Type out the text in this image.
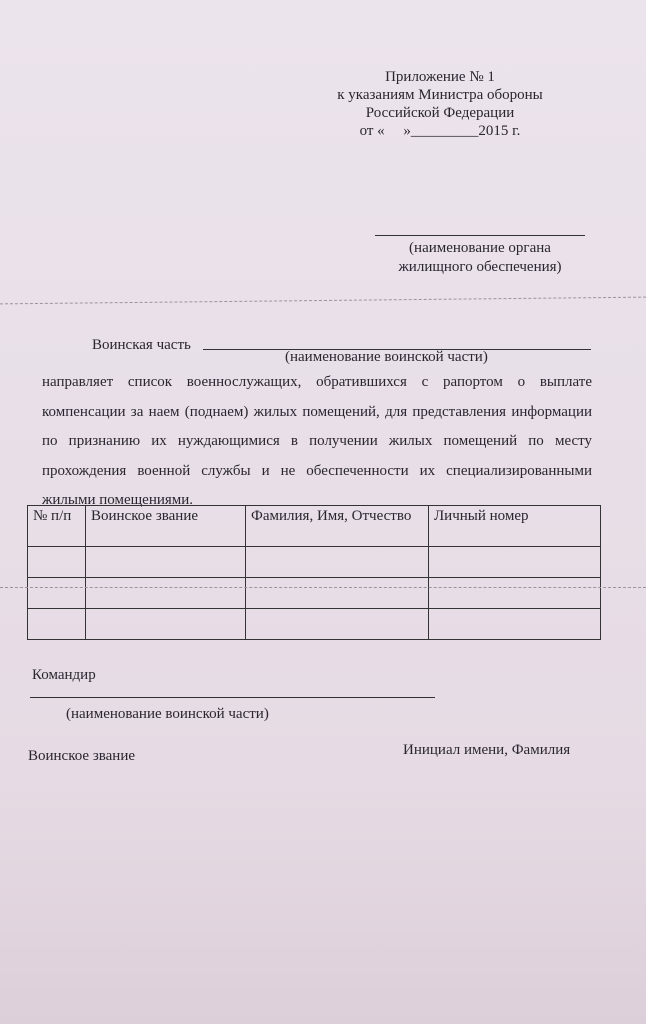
Приложение № 1
к указаниям Министра обороны
Российской Федерации
от «     »_________2015 г.
(наименование органа
жилищного обеспечения)
Воинская часть
(наименование воинской части)
направляет список военнослужащих, обратившихся с рапортом о выплате компенсации за наем (поднаем) жилых помещений, для представления информации по признанию их нуждающимися в получении жилых помещений по месту прохождения военной службы и не обеспеченности их специализированными жилыми помещениями.
№ п/п	Воинское звание	Фамилия, Имя, Отчество	Личный номер

Командир
(наименование воинской части)
Воинское звание	Инициал имени, Фамилия
